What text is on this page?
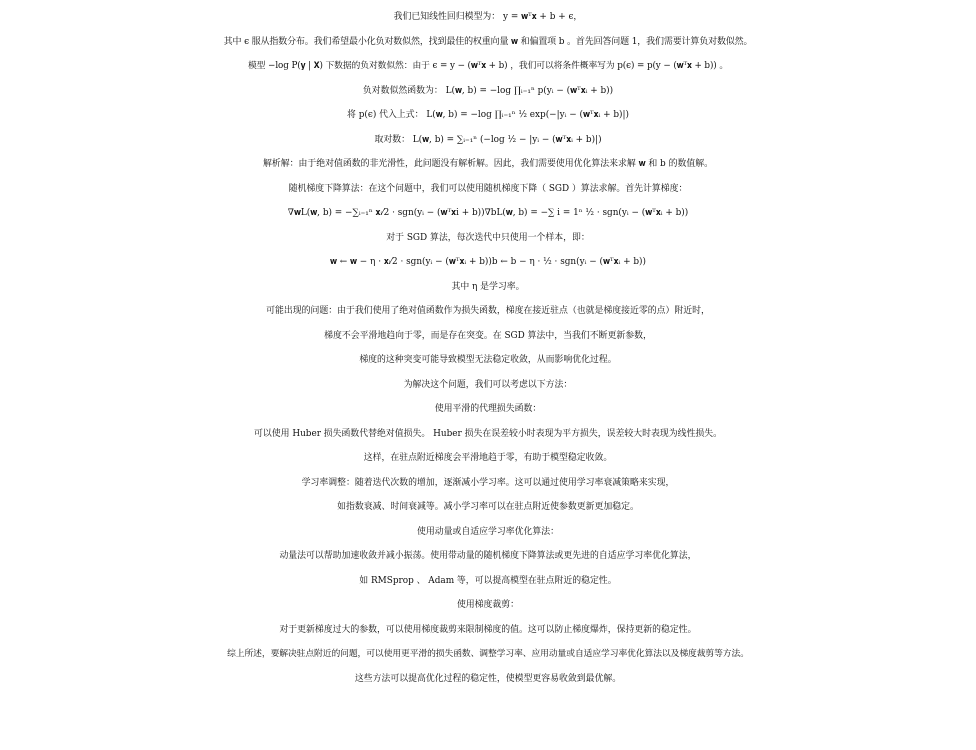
我们已知线性回归模型为： y = 𝐰ᵀ𝐱 + b + ϵ，
其中 ϵ 服从指数分布。我们希望最小化负对数似然，找到最佳的权重向量 𝐰 和偏置项 b 。首先回答问题 1，我们需要计算负对数似然。
模型 −log P(𝐲 | 𝐗) 下数据的负对数似然：由于 ϵ = y − (𝐰ᵀ𝐱 + b) ，我们可以将条件概率写为 p(ϵ) = p(y − (𝐰ᵀ𝐱 + b)) 。
负对数似然函数为： L(𝐰, b) = −log ∏ᵢ₌₁ⁿ p(yᵢ − (𝐰ᵀ𝐱ᵢ + b))
将 p(ϵ) 代入上式： L(𝐰, b) = −log ∏ᵢ₌₁ⁿ ½ exp(−|yᵢ − (𝐰ᵀ𝐱ᵢ + b)|)
取对数： L(𝐰, b) = ∑ᵢ₌₁ⁿ (−log ½ − |yᵢ − (𝐰ᵀ𝐱ᵢ + b)|)
解析解：由于绝对值函数的非光滑性，此问题没有解析解。因此，我们需要使用优化算法来求解 𝐰 和 b 的数值解。
随机梯度下降算法：在这个问题中，我们可以使用随机梯度下降（ SGD ）算法求解。首先计算梯度：
∇𝐰L(𝐰, b) = −∑ᵢ₌₁ⁿ 𝐱ᵢ⁄2 · sgn(yᵢ − (𝐰ᵀ𝐱i + b))∇bL(𝐰, b) = −∑ i = 1ⁿ ½ · sgn(yᵢ − (𝐰ᵀ𝐱ᵢ + b))
对于 SGD 算法，每次迭代中只使用一个样本，即：
𝐰 ← 𝐰 − η · 𝐱ᵢ⁄2 · sgn(yᵢ − (𝐰ᵀ𝐱ᵢ + b))b ← b − η · ½ · sgn(yᵢ − (𝐰ᵀ𝐱ᵢ + b))
其中 η 是学习率。
可能出现的问题：由于我们使用了绝对值函数作为损失函数，梯度在接近驻点（也就是梯度接近零的点）附近时，
梯度不会平滑地趋向于零，而是存在突变。在 SGD 算法中，当我们不断更新参数，
梯度的这种突变可能导致模型无法稳定收敛，从而影响优化过程。
为解决这个问题，我们可以考虑以下方法：
使用平滑的代理损失函数：
可以使用 Huber 损失函数代替绝对值损失。 Huber 损失在误差较小时表现为平方损失，误差较大时表现为线性损失。
这样，在驻点附近梯度会平滑地趋于零，有助于模型稳定收敛。
学习率调整：随着迭代次数的增加，逐渐减小学习率。这可以通过使用学习率衰减策略来实现，
如指数衰减、时间衰减等。减小学习率可以在驻点附近使参数更新更加稳定。
使用动量或自适应学习率优化算法：
动量法可以帮助加速收敛并减小振荡。使用带动量的随机梯度下降算法或更先进的自适应学习率优化算法，
如 RMSprop 、 Adam 等，可以提高模型在驻点附近的稳定性。
使用梯度裁剪：
对于更新梯度过大的参数，可以使用梯度裁剪来限制梯度的值。这可以防止梯度爆炸，保持更新的稳定性。
综上所述，要解决驻点附近的问题，可以使用更平滑的损失函数、调整学习率、应用动量或自适应学习率优化算法以及梯度裁剪等方法。
这些方法可以提高优化过程的稳定性，使模型更容易收敛到最优解。
